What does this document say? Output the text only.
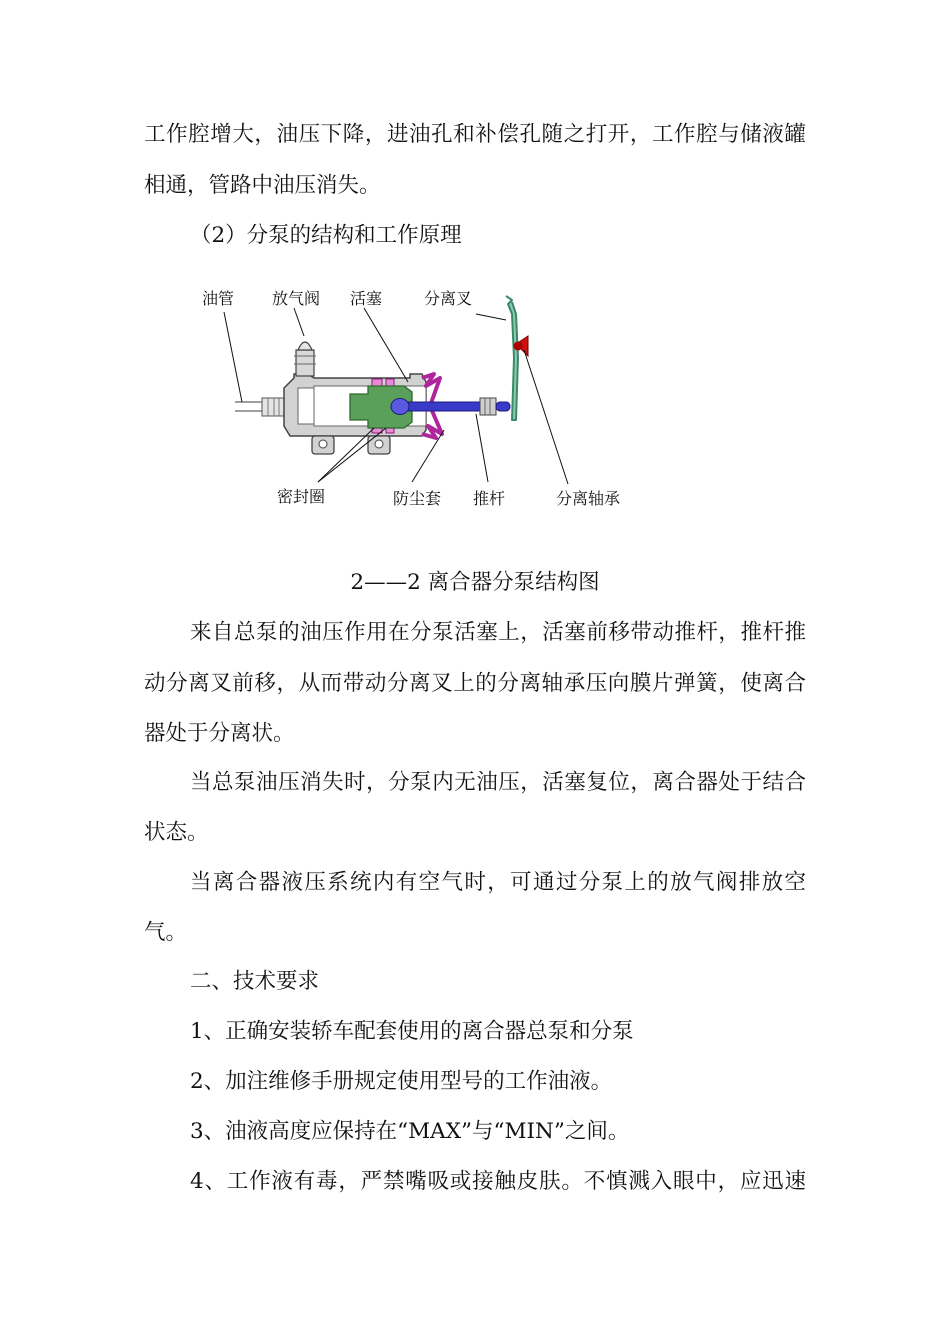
工作腔增大，油压下降，进油孔和补偿孔随之打开，工作腔与储液罐
相通，管路中油压消失。
（2）分泵的结构和工作原理
油管 放气阀 活塞	分离叉
密封圈	防尘套 推杆	分离轴承
2——2 离合器分泵结构图
来自总泵的油压作用在分泵活塞上，活塞前移带动推杆，推杆推
动分离叉前移，从而带动分离叉上的分离轴承压向膜片弹簧，使离合
器处于分离状。
当总泵油压消失时，分泵内无油压，活塞复位，离合器处于结合
状态。
当离合器液压系统内有空气时，可通过分泵上的放气阀排放空
气。
二、技术要求
1、正确安装轿车配套使用的离合器总泵和分泵
2、加注维修手册规定使用型号的工作油液。
3、油液高度应保持在“MAX”与“MIN”之间。
4、工作液有毒，严禁嘴吸或接触皮肤。不慎溅入眼中，应迅速
